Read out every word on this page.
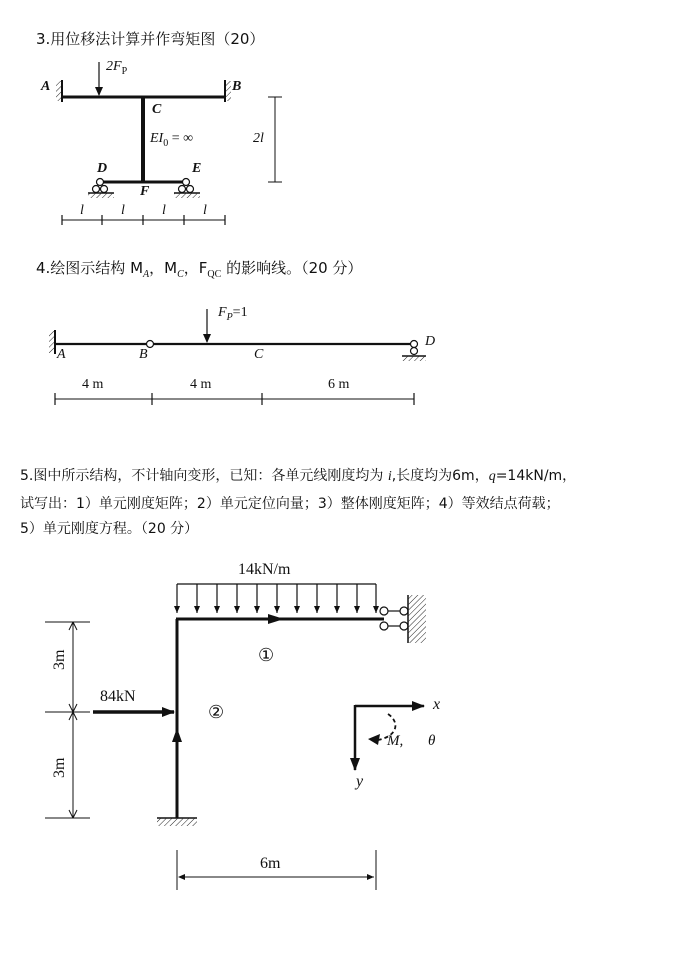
3.用位移法计算并作弯矩图（20）
$2F_P$
A	B
C
$EI_0$ = ∞	2l
D	E
F
l	l	l	l
4.绘图示结构 $M_A$，$M_C$，$F_{QC}$ 的影响线。（20 分）
$F_P=1$
A	B	C
D
4 m	4 m	6 m
5.图中所示结构，不计轴向变形，已知：各单元线刚度均为 i,长度均为6m，q=14kN/m，
试写出：1）单元刚度矩阵；2）单元定位向量；3）整体刚度矩阵；4）等效结点荷载；
5）单元刚度方程。（20 分）
14kN/m
84kN
①
②
3m
3m
6m
x
y
M, θ
